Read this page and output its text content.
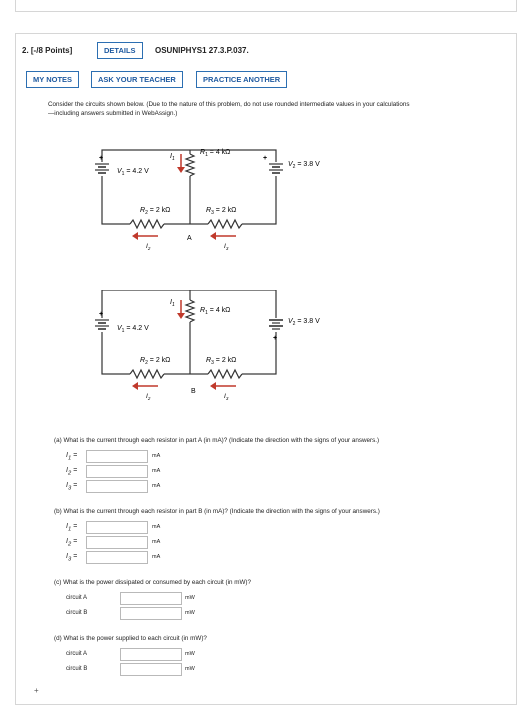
2. [-/8 Points]	DETAILS	OSUNIPHYS1 27.3.P.037.
MY NOTES	ASK YOUR TEACHER	PRACTICE ANOTHER
Consider the circuits shown below. (Due to the nature of this problem, do not use rounded intermediate values in your calculations
—including answers submitted in WebAssign.)
+	+
$I_1$
$R_1 = 4$ kΩ
$V_1 = 4.2$ V
$V_2 = 3.8$ V
$R_2 = 2$ kΩ	$R_3 = 2$ kΩ
$I_2$	$I_3$
A
+
+
$I_1$
$R_1 = 4$ kΩ
$V_1 = 4.2$ V
$V_2 = 3.8$ V
$R_2 = 2$ kΩ	$R_3 = 2$ kΩ
$I_2$	$I_3$
B
(a) What is the current through each resistor in part A (in mA)? (Indicate the direction with the signs of your answers.)
$I_1$ =	mA
$I_2$ =	mA
$I_3$ =	mA
(b) What is the current through each resistor in part B (in mA)? (Indicate the direction with the signs of your answers.)
$I_1$ =	mA
$I_2$ =	mA
$I_3$ =	mA
(c) What is the power dissipated or consumed by each circuit (in mW)?
circuit A	mW
circuit B	mW
(d) What is the power supplied to each circuit (in mW)?
circuit A	mW
circuit B	mW
+
